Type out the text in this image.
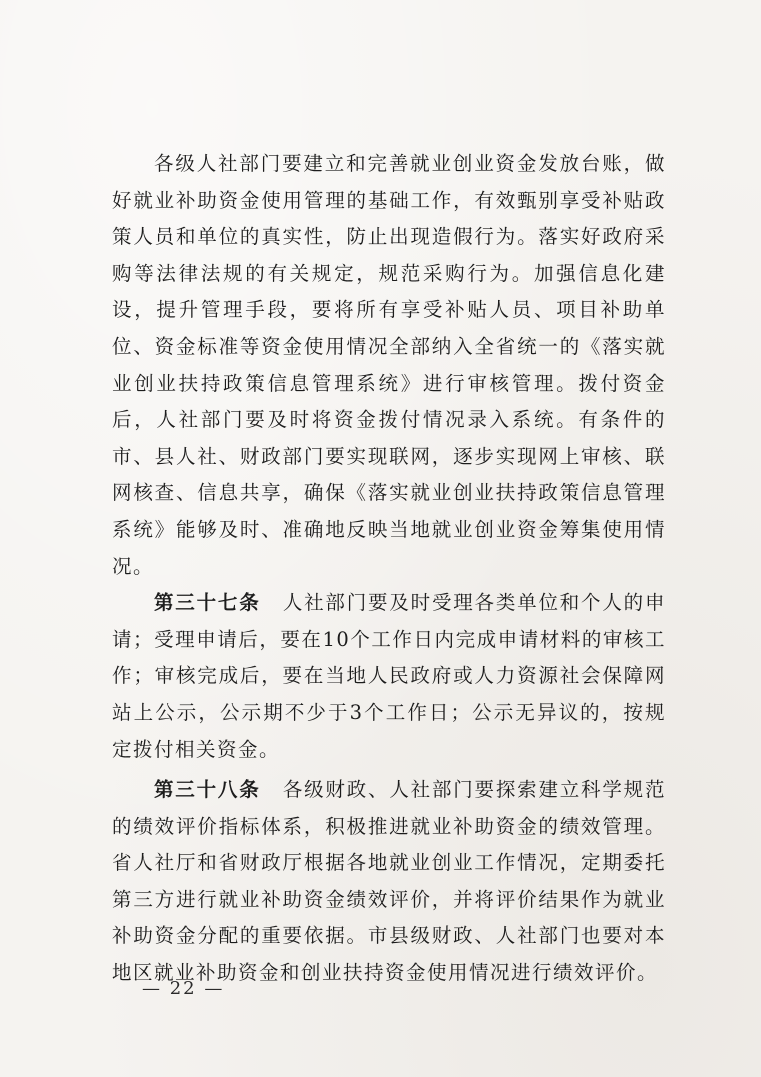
各级人社部门要建立和完善就业创业资金发放台账，做好就业补助资金使用管理的基础工作，有效甄别享受补贴政策人员和单位的真实性，防止出现造假行为。落实好政府采购等法律法规的有关规定，规范采购行为。加强信息化建设，提升管理手段，要将所有享受补贴人员、项目补助单位、资金标准等资金使用情况全部纳入全省统一的《落实就业创业扶持政策信息管理系统》进行审核管理。拨付资金后，人社部门要及时将资金拨付情况录入系统。有条件的市、县人社、财政部门要实现联网，逐步实现网上审核、联网核查、信息共享，确保《落实就业创业扶持政策信息管理系统》能够及时、准确地反映当地就业创业资金筹集使用情况。

第三十七条 人社部门要及时受理各类单位和个人的申请；受理申请后，要在10个工作日内完成申请材料的审核工作；审核完成后，要在当地人民政府或人力资源社会保障网站上公示，公示期不少于3个工作日；公示无异议的，按规定拨付相关资金。

第三十八条 各级财政、人社部门要探索建立科学规范的绩效评价指标体系，积极推进就业补助资金的绩效管理。省人社厅和省财政厅根据各地就业创业工作情况，定期委托第三方进行就业补助资金绩效评价，并将评价结果作为就业补助资金分配的重要依据。市县级财政、人社部门也要对本地区就业补助资金和创业扶持资金使用情况进行绩效评价。

— 22 —
